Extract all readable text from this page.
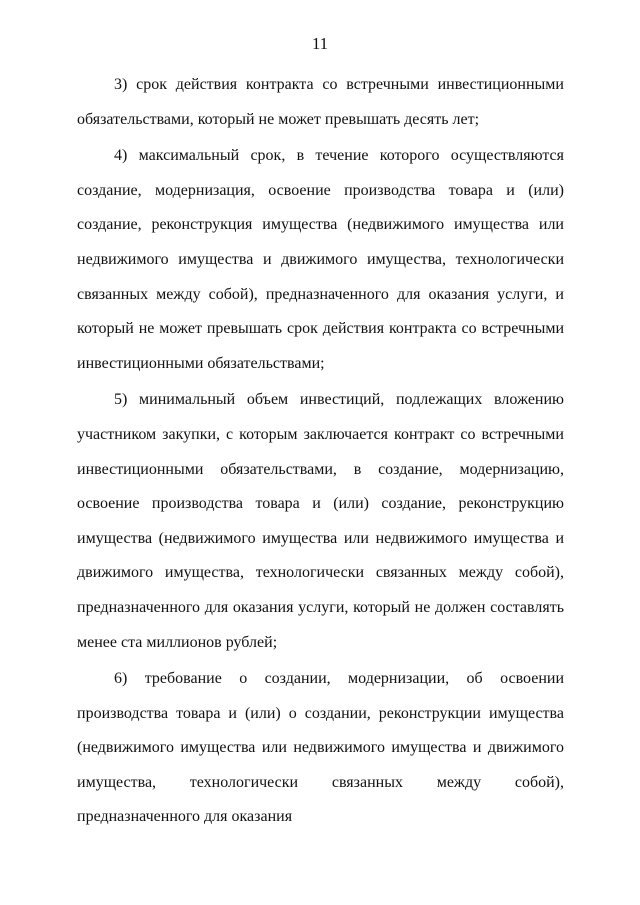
11

3) срок действия контракта со встречными инвестиционными обязательствами, который не может превышать десять лет;

4) максимальный срок, в течение которого осуществляются создание, модернизация, освоение производства товара и (или) создание, реконструкция имущества (недвижимого имущества или недвижимого имущества и движимого имущества, технологически связанных между собой), предназначенного для оказания услуги, и который не может превышать срок действия контракта со встречными инвестиционными обязательствами;

5) минимальный объем инвестиций, подлежащих вложению участником закупки, с которым заключается контракт со встречными инвестиционными обязательствами, в создание, модернизацию, освоение производства товара и (или) создание, реконструкцию имущества (недвижимого имущества или недвижимого имущества и движимого имущества, технологически связанных между собой), предназначенного для оказания услуги, который не должен составлять менее ста миллионов рублей;

6) требование о создании, модернизации, об освоении производства товара и (или) о создании, реконструкции имущества (недвижимого имущества или недвижимого имущества и движимого имущества, технологически связанных между собой), предназначенного для оказания
